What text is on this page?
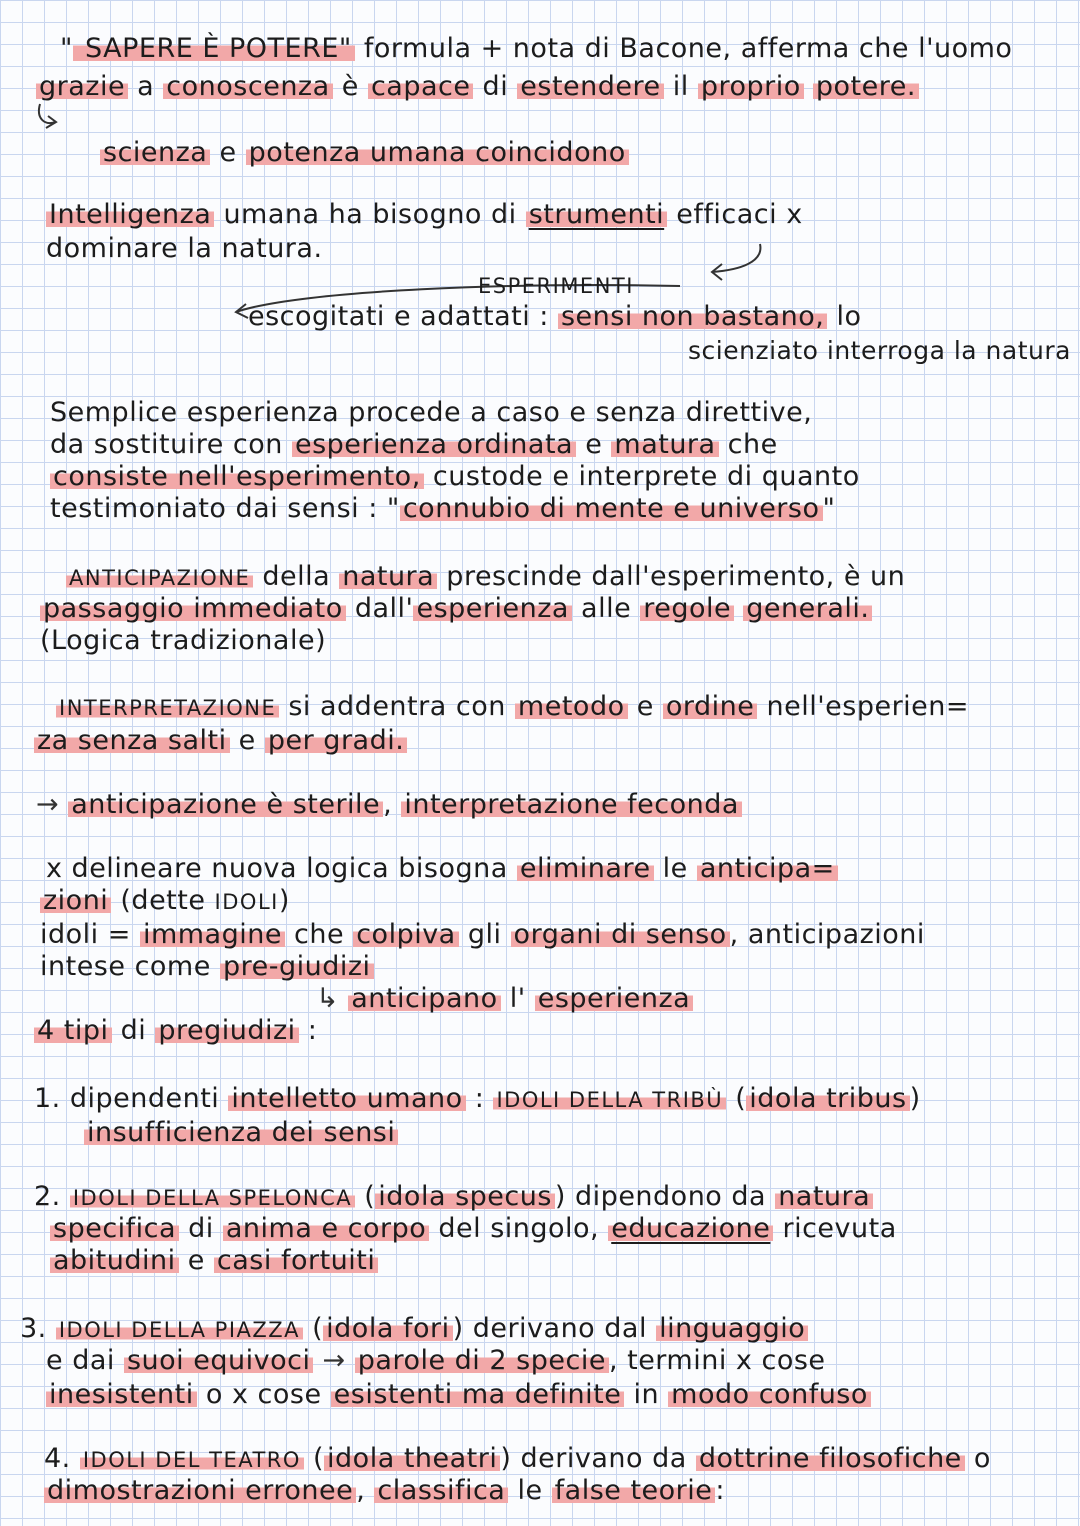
" SAPERE È POTERE" formula + nota di Bacone, afferma che l'uomo
grazie a conoscenza è capace di estendere il proprio potere.
scienza e potenza umana coincidono
Intelligenza umana ha bisogno di strumenti efficaci x
dominare la natura.
ESPERIMENTI
escogitati e adattati : sensi non bastano, lo
scienziato interroga la natura
Semplice esperienza procede a caso e senza direttive,
da sostituire con esperienza ordinata e matura che
consiste nell'esperimento, custode e interprete di quanto
testimoniato dai sensi : " connubio di mente e universo "
ANTICIPAZIONE della natura prescinde dall'esperimento, è un
passaggio immediato dall' esperienza alle regole generali.
(Logica tradizionale)
INTERPRETAZIONE si addentra con metodo e ordine nell'esperien=
za senza salti e per gradi.
→ anticipazione è sterile , interpretazione feconda
x delineare nuova logica bisogna eliminare le anticipa=
zioni (dette IDOLI)
idoli = immagine che colpiva gli organi di senso , anticipazioni
intese come pre-giudizi
↳ anticipano l' esperienza
4 tipi di pregiudizi :
1. dipendenti intelletto umano : IDOLI DELLA TRIBÙ ( idola tribus )
insufficienza dei sensi
2. IDOLI DELLA SPELONCA ( idola specus ) dipendono da natura
specifica di anima e corpo del singolo, educazione ricevuta
abitudini e casi fortuiti
3. IDOLI DELLA PIAZZA ( idola fori ) derivano dal linguaggio
e dai suoi equivoci → parole di 2 specie , termini x cose
inesistenti o x cose esistenti ma definite in modo confuso
4. IDOLI DEL TEATRO ( idola theatri ) derivano da dottrine filosofiche o
dimostrazioni erronee , classifica le false teorie :
